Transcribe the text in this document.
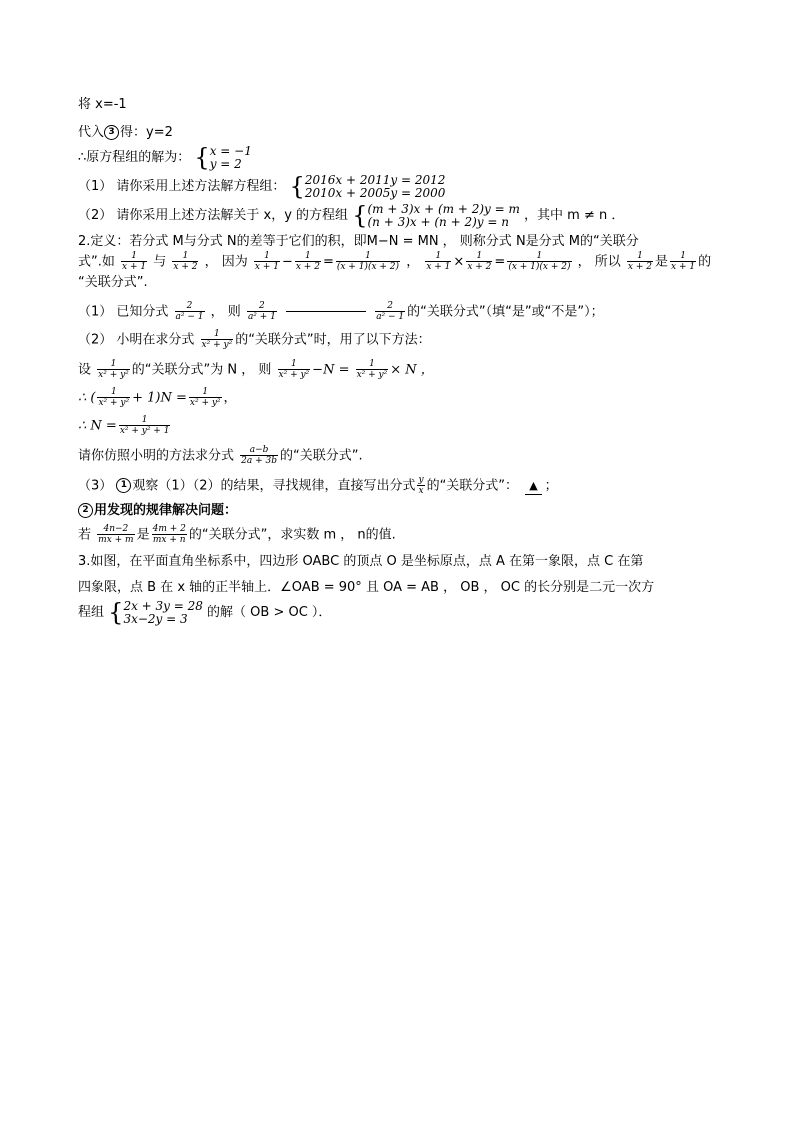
将 x=-1

代入 3 得：y=2

∴原方程组的解为： { x = −1
y = 2

（1） 请你采用上述方法解方程组： { 2016x + 2011y = 2012
2010x + 2005y = 2000

（2） 请你采用上述方法解关于 x，y 的方程组 { (m + 3)x + (m + 2)y = m
(n + 3)x + (n + 2)y = n	，其中 m ≠ n ．

2.定义：若分式 M与分式 N的差等于它们的积，即M−N = MN ， 则称分式 N是分式 M的“关联分

式”.如 $\frac{1}{x + 1}$ 与 $\frac{1}{x + 2}$ ， 因为 $\frac{1}{x + 1} - \frac{1}{x + 2} = \frac{1}{(x + 1)(x + 2)}$ ， $\frac{1}{x + 1} \times \frac{1}{x + 2} = \frac{1}{(x + 1)(x + 2)}$ ， 所以 $\frac{1}{x + 2}$ 是 $\frac{1}{x + 1}$ 的

“关联分式”.

（1） 已知分式 $\frac{2}{\text{a² − 1}}$ ， 则 $\frac{2}{\text{a² + 1}}$
	$\frac{2}{\text{a² − 1}}$ 的“关联分式”（填“是”或“不是”）；

（2） 小明在求分式 $\frac{1}{\text{x² + y²}}$ 的“关联分式”时，用了以下方法：

设 $\frac{1}{\text{x² + y²}}$ 的“关联分式”为 N ， 则 $\frac{1}{\text{x² + y²}} -N = \frac{1}{\text{x² + y²}} \times N$ ，

∴ ( $\frac{1}{\text{x² + y²}} + 1)N = \frac{1}{\text{x² + y²}}$ ，

∴ $N = \frac{1}{\text{x² + y² + 1}}$

请你仿照小明的方法求分式 $\frac{a-b}{2a + 3b}$ 的“关联分式”.

（3） 1 观察（1）（2）的结果，寻找规律，直接写出分式 $\frac{y}{x}$ 的“关联分式”： ▲ ；

2 用发现的规律解决问题：

若 $\frac{4n-2}{mx + m}$ 是 $\frac{4m + 2}{mx + n}$ 的“关联分式”，求实数 m ， n的值.

3.如图，在平面直角坐标系中，四边形 OABC 的顶点 O 是坐标原点，点 A 在第一象限，点 C 在第

四象限，点 B 在 x 轴的正半轴上．∠OAB = 90° 且 OA = AB ， OB ， OC 的长分别是二元一次方

程组 { 2x + 3y = 28
3x−2y = 3	的解（ OB > OC ）．
